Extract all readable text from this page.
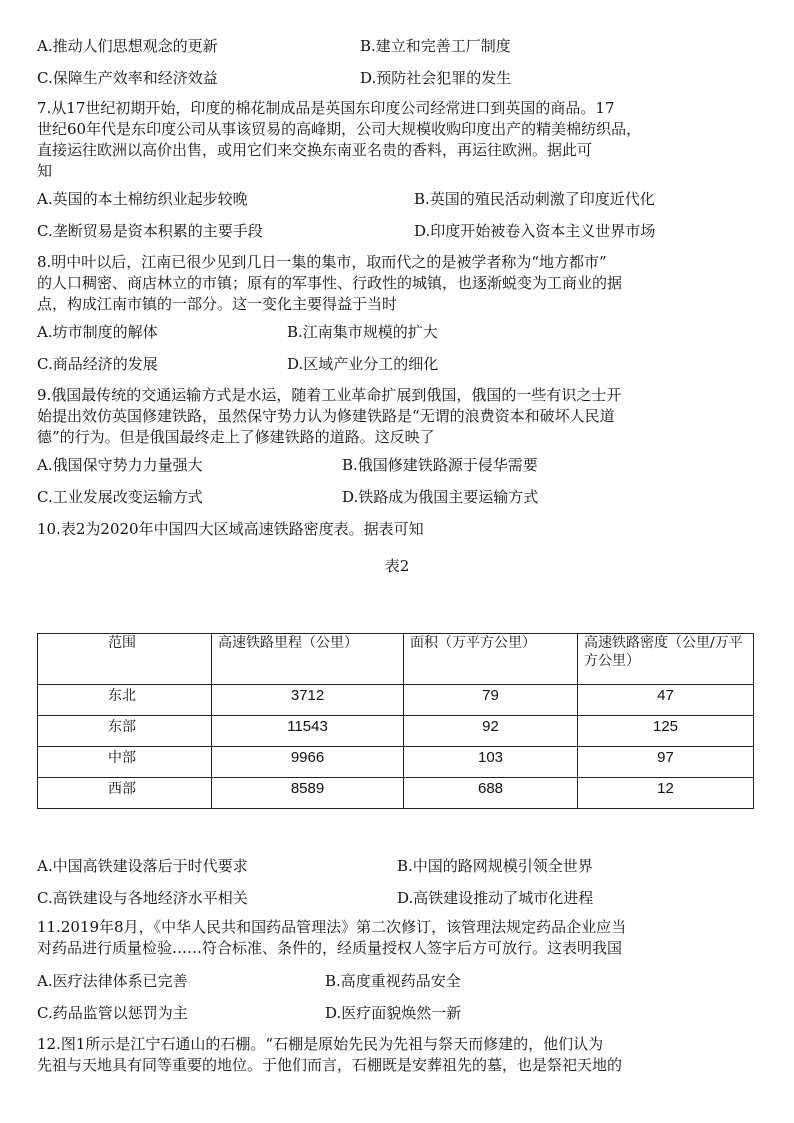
A.推动人们思想观念的更新	B.建立和完善工厂制度
C.保障生产效率和经济效益	D.预防社会犯罪的发生
7.从17世纪初期开始，印度的棉花制成品是英国东印度公司经常进口到英国的商品。17
世纪60年代是东印度公司从事该贸易的高峰期，公司大规模收购印度出产的精美棉纺织品，
直接运往欧洲以高价出售，或用它们来交换东南亚名贵的香料，再运往欧洲。据此可
知
A.英国的本土棉纺织业起步较晚	B.英国的殖民活动刺激了印度近代化
C.垄断贸易是资本积累的主要手段	D.印度开始被卷入资本主义世界市场
8.明中叶以后，江南已很少见到几日一集的集市，取而代之的是被学者称为“地方都市”
的人口稠密、商店林立的市镇；原有的军事性、行政性的城镇，也逐渐蜕变为工商业的据
点，构成江南市镇的一部分。这一变化主要得益于当时
A.坊市制度的解体	B.江南集市规模的扩大
C.商品经济的发展	D.区域产业分工的细化
9.俄国最传统的交通运输方式是水运，随着工业革命扩展到俄国，俄国的一些有识之士开
始提出效仿英国修建铁路，虽然保守势力认为修建铁路是“无谓的浪费资本和破坏人民道
德”的行为。但是俄国最终走上了修建铁路的道路。这反映了
A.俄国保守势力力量强大	B.俄国修建铁路源于侵华需要
C.工业发展改变运输方式	D.铁路成为俄国主要运输方式
10.表2为2020年中国四大区域高速铁路密度表。据表可知
表2
范围	高速铁路里程（公里）	面积（万平方公里）	高速铁路密度（公里/万平方公里）
东北	3712	79	47
东部	11543	92	125
中部	9966	103	97
西部	8589	688	12
A.中国高铁建设落后于时代要求	B.中国的路网规模引领全世界
C.高铁建设与各地经济水平相关	D.高铁建设推动了城市化进程
11.2019年8月，《中华人民共和国药品管理法》第二次修订，该管理法规定药品企业应当
对药品进行质量检验……符合标准、条件的，经质量授权人签字后方可放行。这表明我国
A.医疗法律体系已完善	B.高度重视药品安全
C.药品监管以惩罚为主	D.医疗面貌焕然一新
12.图1所示是江宁石通山的石棚。“石棚是原始先民为先祖与祭天而修建的，他们认为
先祖与天地具有同等重要的地位。于他们而言，石棚既是安葬祖先的墓，也是祭祀天地的
